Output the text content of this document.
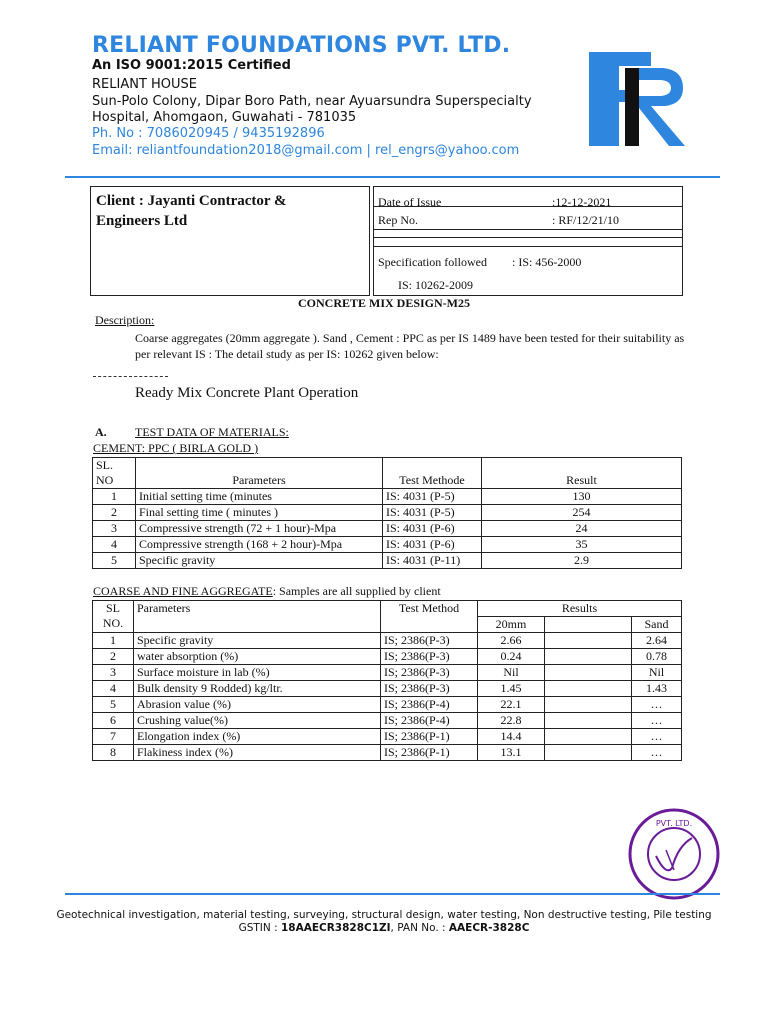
RELIANT FOUNDATIONS PVT. LTD.
An ISO 9001:2015 Certified
RELIANT HOUSE
Sun-Polo Colony, Dipar Boro Path, near Ayuarsundra Superspecialty
Hospital, Ahomgaon, Guwahati - 781035
Ph. No : 7086020945 / 9435192896
Email: reliantfoundation2018@gmail.com | rel_engrs@yahoo.com
Client : Jayanti Contractor &
Engineers Ltd
Date of Issue	:12-12-2021
Rep No.	: RF/12/21/10
Specification followed : IS: 456-2000
IS: 10262-2009
CONCRETE MIX DESIGN-M25
Description:
Coarse aggregates (20mm aggregate ). Sand , Cement : PPC as per IS 1489 have been tested for their suitability as per relevant IS : The detail study as per IS: 10262 given below:
Ready Mix Concrete Plant Operation
A. TEST DATA OF MATERIALS:
CEMENT: PPC ( BIRLA GOLD )
SL.
NO	Parameters	Test Methode	Result
1	Initial setting time (minutes	IS: 4031 (P-5)	130
2	Final setting time ( minutes )	IS: 4031 (P-5)	254
3	Compressive strength (72 + 1 hour)-Mpa	IS: 4031 (P-6)	24
4	Compressive strength (168 + 2 hour)-Mpa	IS: 4031 (P-6)	35
5	Specific gravity	IS: 4031 (P-11)	2.9
COARSE AND FINE AGGREGATE: Samples are all supplied by client
SL
NO.	Parameters	Test Method	Results		
			20mm		Sand
1	Specific gravity	IS; 2386(P-3)	2.66		2.64
2	water absorption (%)	IS; 2386(P-3)	0.24		0.78
3	Surface moisture in lab (%)	IS; 2386(P-3)	Nil		Nil
4	Bulk density 9 Rodded) kg/ltr.	IS; 2386(P-3)	1.45		1.43
5	Abrasion value (%)	IS; 2386(P-4)	22.1		…
6	Crushing value(%)	IS; 2386(P-4)	22.8		…
7	Elongation index (%)	IS; 2386(P-1)	14.4		…
8	Flakiness index (%)	IS; 2386(P-1)	13.1		…
PVT. LTD.
Geotechnical investigation, material testing, surveying, structural design, water testing, Non destructive testing, Pile testing
GSTIN : 18AAECR3828C1ZI, PAN No. : AAECR-3828C
